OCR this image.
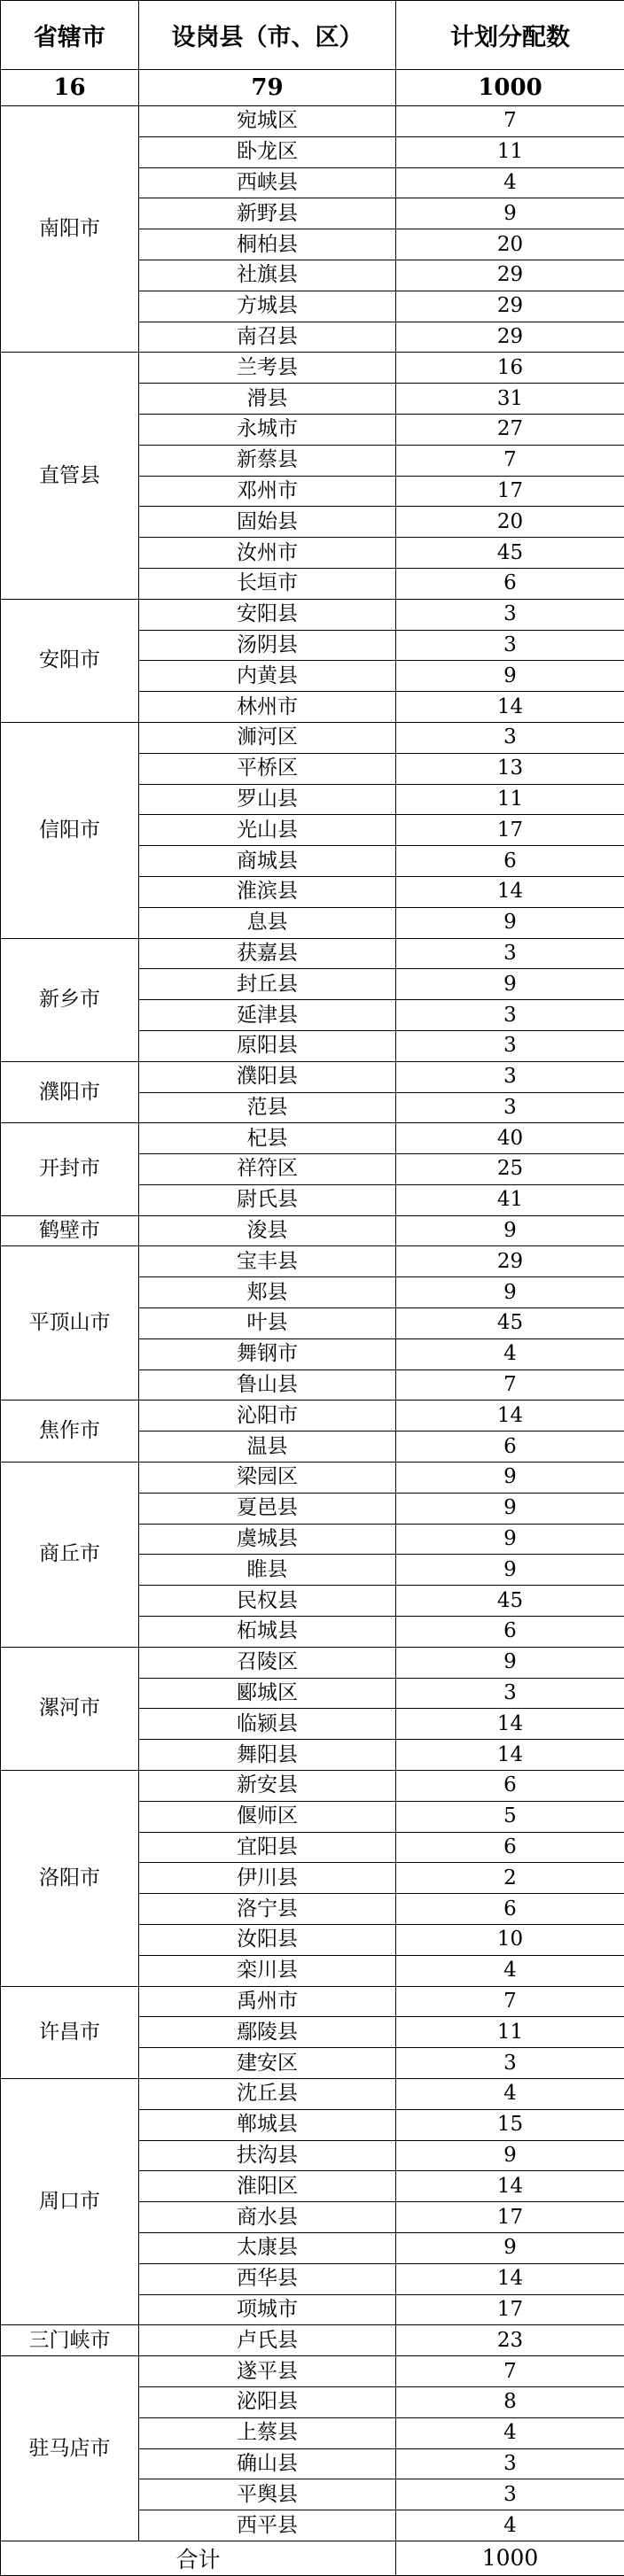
省辖市	设岗县（市、区）	计划分配数
16	79	1000
南阳市	宛城区	7
	卧龙区	11
	西峡县	4
	新野县	9
	桐柏县	20
	社旗县	29
	方城县	29
	南召县	29
直管县	兰考县	16
	滑县	31
	永城市	27
	新蔡县	7
	邓州市	17
	固始县	20
	汝州市	45
	长垣市	6
安阳市	安阳县	3
	汤阴县	3
	内黄县	9
	林州市	14
信阳市	浉河区	3
	平桥区	13
	罗山县	11
	光山县	17
	商城县	6
	淮滨县	14
	息县	9
新乡市	获嘉县	3
	封丘县	9
	延津县	3
	原阳县	3
濮阳市	濮阳县	3
	范县	3
开封市	杞县	40
	祥符区	25
	尉氏县	41
鹤壁市	浚县	9
平顶山市	宝丰县	29
	郏县	9
	叶县	45
	舞钢市	4
	鲁山县	7
焦作市	沁阳市	14
	温县	6
商丘市	梁园区	9
	夏邑县	9
	虞城县	9
	睢县	9
	民权县	45
	柘城县	6
漯河市	召陵区	9
	郾城区	3
	临颍县	14
	舞阳县	14
洛阳市	新安县	6
	偃师区	5
	宜阳县	6
	伊川县	2
	洛宁县	6
	汝阳县	10
	栾川县	4
许昌市	禹州市	7
	鄢陵县	11
	建安区	3
周口市	沈丘县	4
	郸城县	15
	扶沟县	9
	淮阳区	14
	商水县	17
	太康县	9
	西华县	14
	项城市	17
三门峡市	卢氏县	23
驻马店市	遂平县	7
	泌阳县	8
	上蔡县	4
	确山县	3
	平舆县	3
	西平县	4
合计		1000
